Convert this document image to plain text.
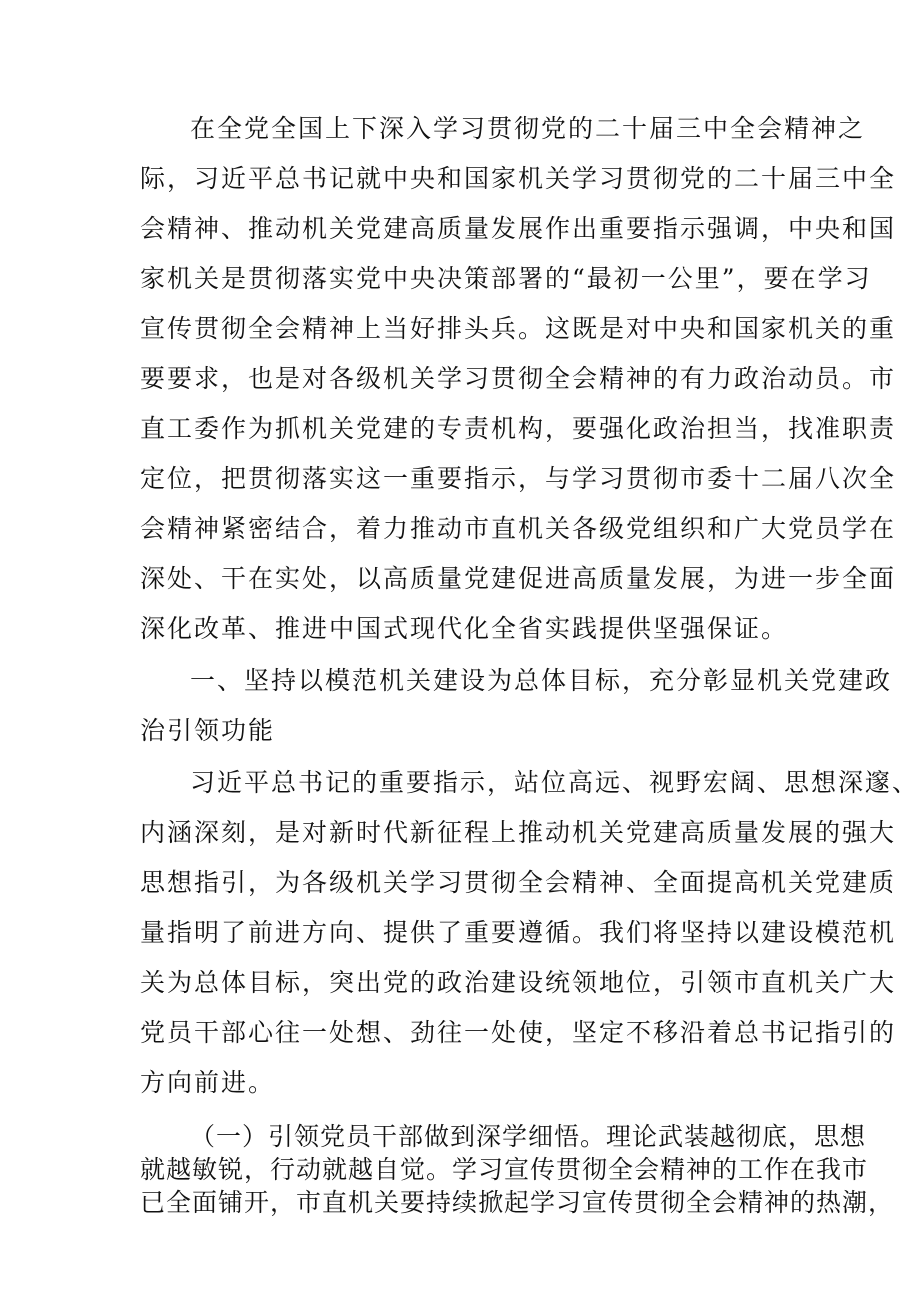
在全党全国上下深入学习贯彻党的二十届三中全会精神之
际，习近平总书记就中央和国家机关学习贯彻党的二十届三中全
会精神、推动机关党建高质量发展作出重要指示强调，中央和国
家机关是贯彻落实党中央决策部署的“最初一公里”，要在学习
宣传贯彻全会精神上当好排头兵。这既是对中央和国家机关的重
要要求，也是对各级机关学习贯彻全会精神的有力政治动员。市
直工委作为抓机关党建的专责机构，要强化政治担当，找准职责
定位，把贯彻落实这一重要指示，与学习贯彻市委十二届八次全
会精神紧密结合，着力推动市直机关各级党组织和广大党员学在
深处、干在实处，以高质量党建促进高质量发展，为进一步全面
深化改革、推进中国式现代化全省实践提供坚强保证。
一、坚持以模范机关建设为总体目标，充分彰显机关党建政
治引领功能
习近平总书记的重要指示，站位高远、视野宏阔、思想深邃、
内涵深刻，是对新时代新征程上推动机关党建高质量发展的强大
思想指引，为各级机关学习贯彻全会精神、全面提高机关党建质
量指明了前进方向、提供了重要遵循。我们将坚持以建设模范机
关为总体目标，突出党的政治建设统领地位，引领市直机关广大
党员干部心往一处想、劲往一处使，坚定不移沿着总书记指引的
方向前进。
（一）引领党员干部做到深学细悟。理论武装越彻底，思想
就越敏锐，行动就越自觉。学习宣传贯彻全会精神的工作在我市
已全面铺开，市直机关要持续掀起学习宣传贯彻全会精神的热潮，
